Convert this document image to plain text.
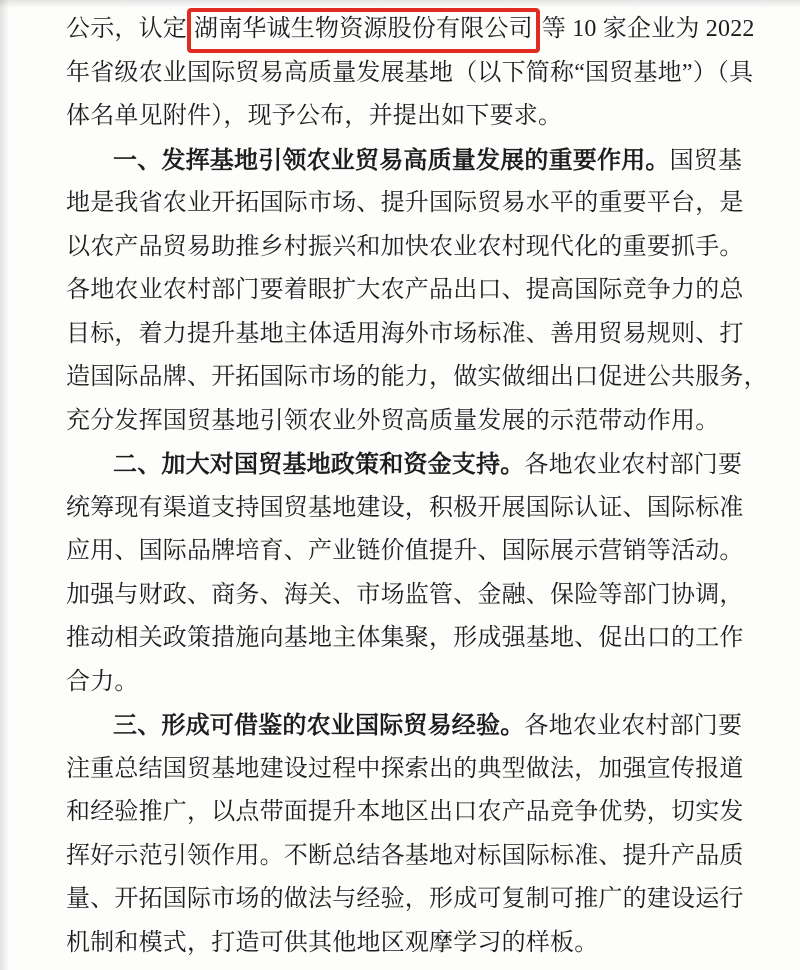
公示，认定 湖南华诚生物资源股份有限公司 等 10 家企业为 2022
年省级农业国际贸易高质量发展基地（以下简称“国贸基地”）（具
体名单见附件），现予公布，并提出如下要求。
一、发挥基地引领农业贸易高质量发展的重要作用。国贸基
地是我省农业开拓国际市场、提升国际贸易水平的重要平台，是
以农产品贸易助推乡村振兴和加快农业农村现代化的重要抓手。
各地农业农村部门要着眼扩大农产品出口、提高国际竞争力的总
目标，着力提升基地主体适用海外市场标准、善用贸易规则、打
造国际品牌、开拓国际市场的能力，做实做细出口促进公共服务，
充分发挥国贸基地引领农业外贸高质量发展的示范带动作用。
二、加大对国贸基地政策和资金支持。各地农业农村部门要
统筹现有渠道支持国贸基地建设，积极开展国际认证、国际标准
应用、国际品牌培育、产业链价值提升、国际展示营销等活动。
加强与财政、商务、海关、市场监管、金融、保险等部门协调，
推动相关政策措施向基地主体集聚，形成强基地、促出口的工作
合力。
三、形成可借鉴的农业国际贸易经验。各地农业农村部门要
注重总结国贸基地建设过程中探索出的典型做法，加强宣传报道
和经验推广，以点带面提升本地区出口农产品竞争优势，切实发
挥好示范引领作用。不断总结各基地对标国际标准、提升产品质
量、开拓国际市场的做法与经验，形成可复制可推广的建设运行
机制和模式，打造可供其他地区观摩学习的样板。
